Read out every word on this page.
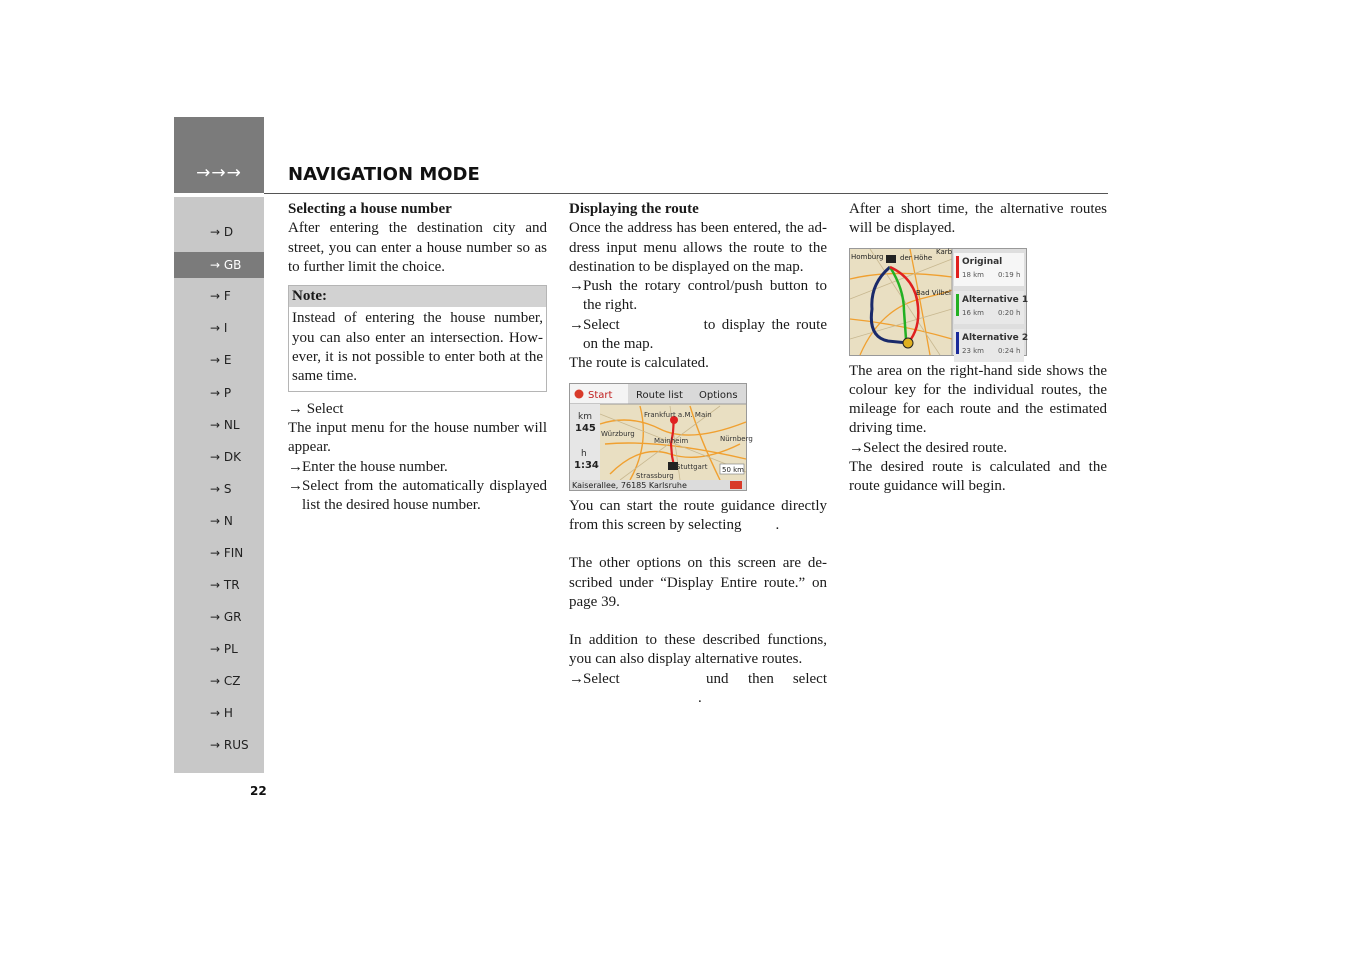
→→→	NAVIGATION MODE
→ D
→ GB
→ F
→ I
→ E
→ P
→ NL
→ DK
→ S
→ N
→ FIN
→ TR
→ GR
→ PL
→ CZ
→ H
→ RUS
22
Selecting a house number

After entering the destination city and street, you can enter a house number so as to further limit the choice.

Note:
Instead of entering the house number, you can also enter an intersection. How-ever, it is not possible to enter both at the same time.

→ Select

The input menu for the house number will appear.

→ Enter the house number.
→ Select from the automatically displayed list the desired house number.
Displaying the route

Once the address has been entered, the ad-dress input menu allows the route to the destination to be displayed on the map.

→ Push the rotary control/push button to the right.
→ Select	to display the route on the map.

The route is calculated.

Start Route list Options
km
145
h
1:34
Frankfurt a.M. Main
Würzburg
Mainheim	Nürnberg
Stuttgart
Strassburg
50 km
Kaiserallee, 76185 Karlsruhe

You can start the route guidance directly from this screen by selecting .

The other options on this screen are de-scribed under “Display Entire route.” on page 39.

In addition to these described functions, you can also display alternative routes.

→ Select	und then select
.

After a short time, the alternative routes will be displayed.

Homburg der Höhe
Karb
Bad Vilbel
Original
18 km 0:19 h
Alternative 1
16 km 0:20 h
Alternative 2
23 km 0:24 h

The area on the right-hand side shows the colour key for the individual routes, the mileage for each route and the estimated driving time.

→ Select the desired route.

The desired route is calculated and the route guidance will begin.
